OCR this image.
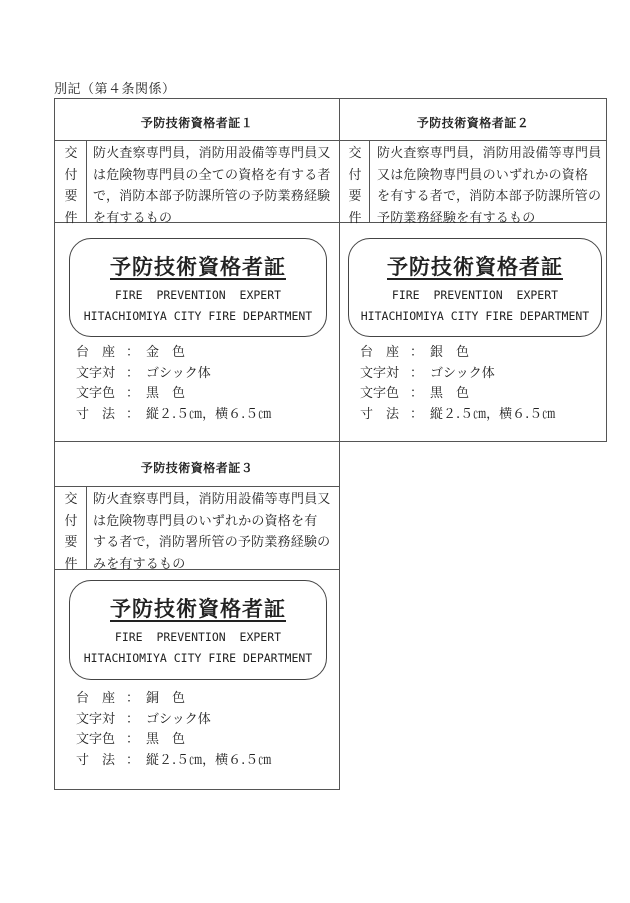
別記（第４条関係）
予防技術資格者証１
交
付
要
件
防火査察専門員，消防用設備等専門員又
は危険物専門員の全ての資格を有する者
で，消防本部予防課所管の予防業務経験
を有するもの
予防技術資格者証
FIRE  PREVENTION  EXPERT
HITACHIOMIYA CITY FIRE DEPARTMENT
台　座 ： 金　色
文字対 ： ゴシック体
文字色 ： 黒　色
寸　法 ： 縦２.５㎝，横６.５㎝
予防技術資格者証２
交
付
要
件
防火査察専門員，消防用設備等専門員
又は危険物専門員のいずれかの資格
を有する者で，消防本部予防課所管の
予防業務経験を有するもの
予防技術資格者証
FIRE  PREVENTION  EXPERT
HITACHIOMIYA CITY FIRE DEPARTMENT
台　座 ： 銀　色
文字対 ： ゴシック体
文字色 ： 黒　色
寸　法 ： 縦２.５㎝，横６.５㎝
予防技術資格者証３
交
付
要
件
防火査察専門員，消防用設備等専門員又
は危険物専門員のいずれかの資格を有
する者で，消防署所管の予防業務経験の
みを有するもの
予防技術資格者証
FIRE  PREVENTION  EXPERT
HITACHIOMIYA CITY FIRE DEPARTMENT
台　座 ： 銅　色
文字対 ： ゴシック体
文字色 ： 黒　色
寸　法 ： 縦２.５㎝，横６.５㎝
